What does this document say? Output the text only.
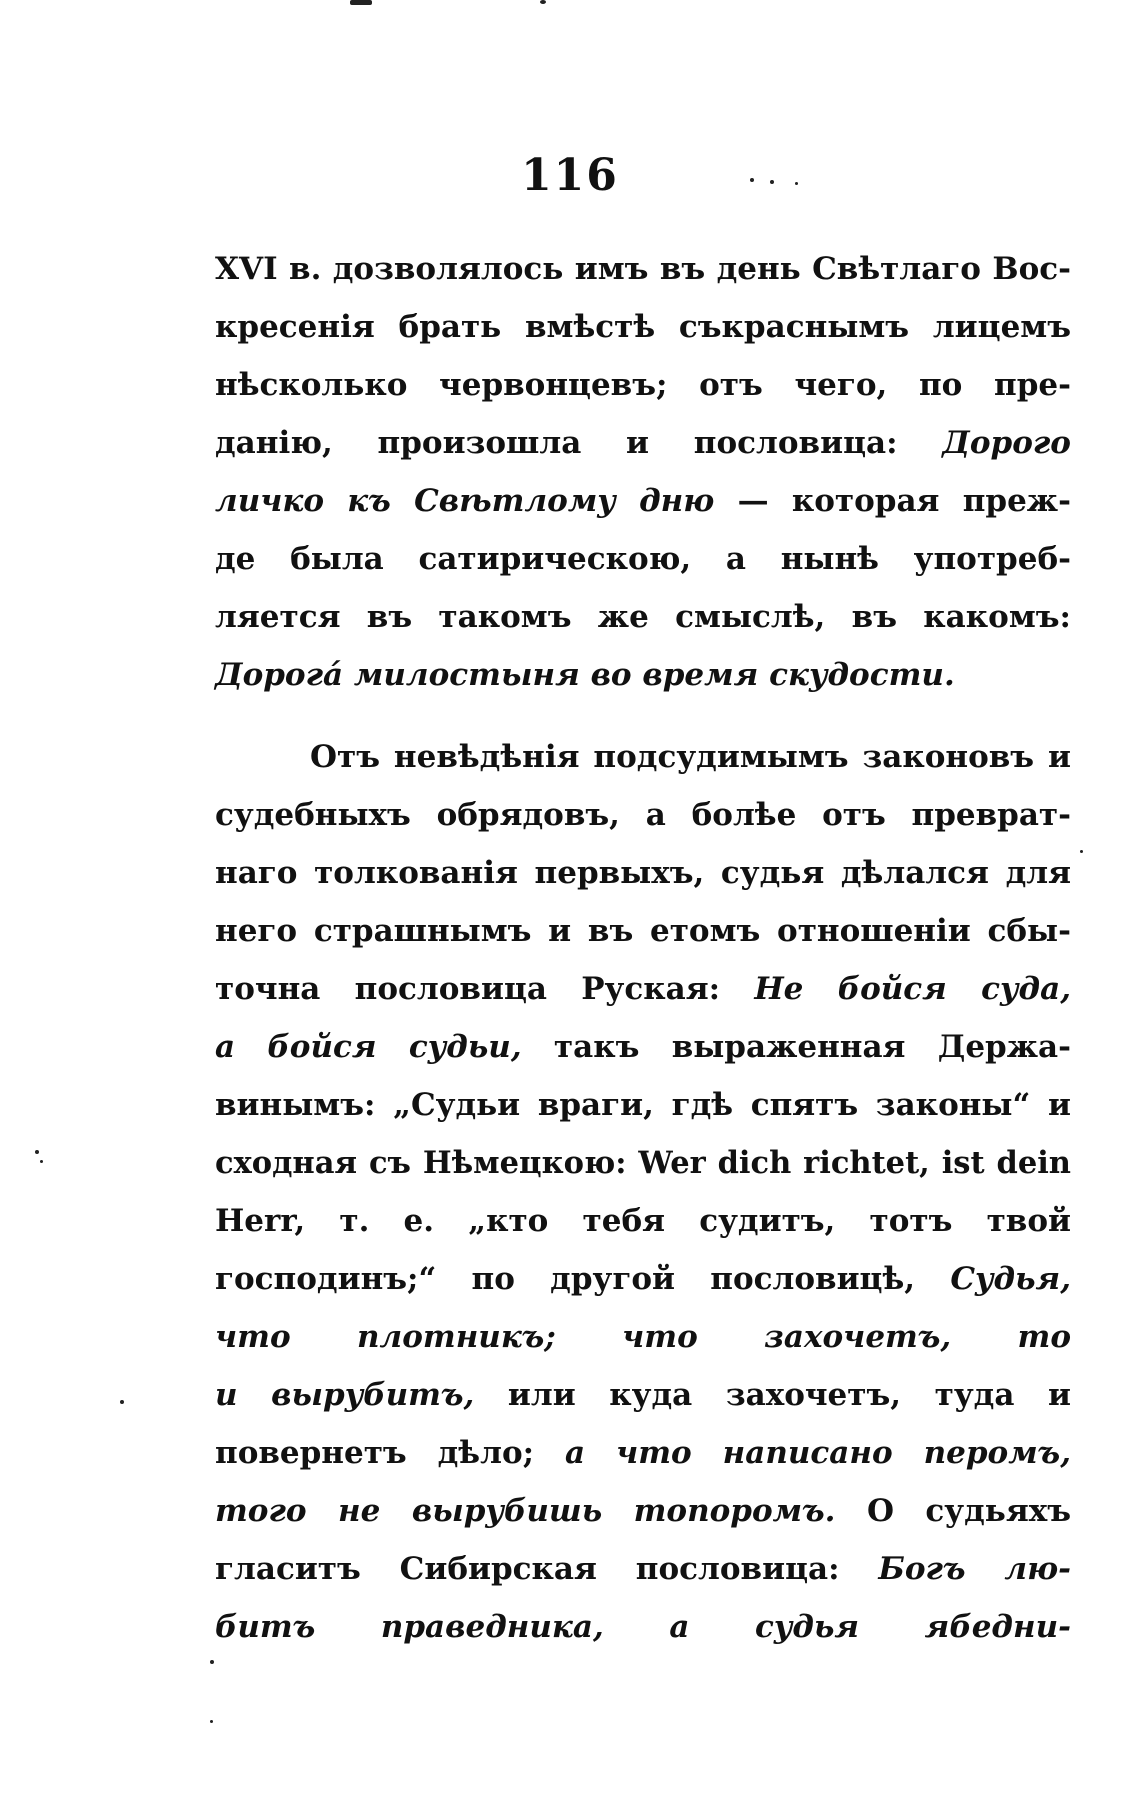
116
XVI в. дозволялось имъ въ день Свѣтлаго Вос-
кресенія брать вмѣстѣ съкраснымъ лицемъ
нѣсколько червонцевъ; отъ чего, по пре-
данію, произошла и пословица: Дорого
личко къ Свѣтлому дню — которая преж-
де была сатирическою, а нынѣ употреб-
ляется въ такомъ же смыслѣ, въ какомъ:
Дорогá милостыня во время скудости.
Отъ невѣдѣнія подсудимымъ законовъ и
судебныхъ обрядовъ, а болѣе отъ преврат-
наго толкованія первыхъ, судья дѣлался для
него страшнымъ и въ етомъ отношеніи сбы-
точна пословица Руская: Не бойся суда,
а бойся судьи, такъ выраженная Держа-
винымъ: „Судьи враги, гдѣ спятъ законы“ и
сходная съ Нѣмецкою: Wer dich richtet, ist dein
Herr, т. е. „кто тебя судитъ, тотъ твой
господинъ;“ по другой пословицѣ, Судья,
что плотникъ; что захочетъ, то
и вырубитъ, или куда захочетъ, туда и
повернетъ дѣло; а что написано перомъ,
того не вырубишь топоромъ. О судьяхъ
гласитъ Сибирская пословица: Богъ лю-
битъ праведника, а судья ябедни-
